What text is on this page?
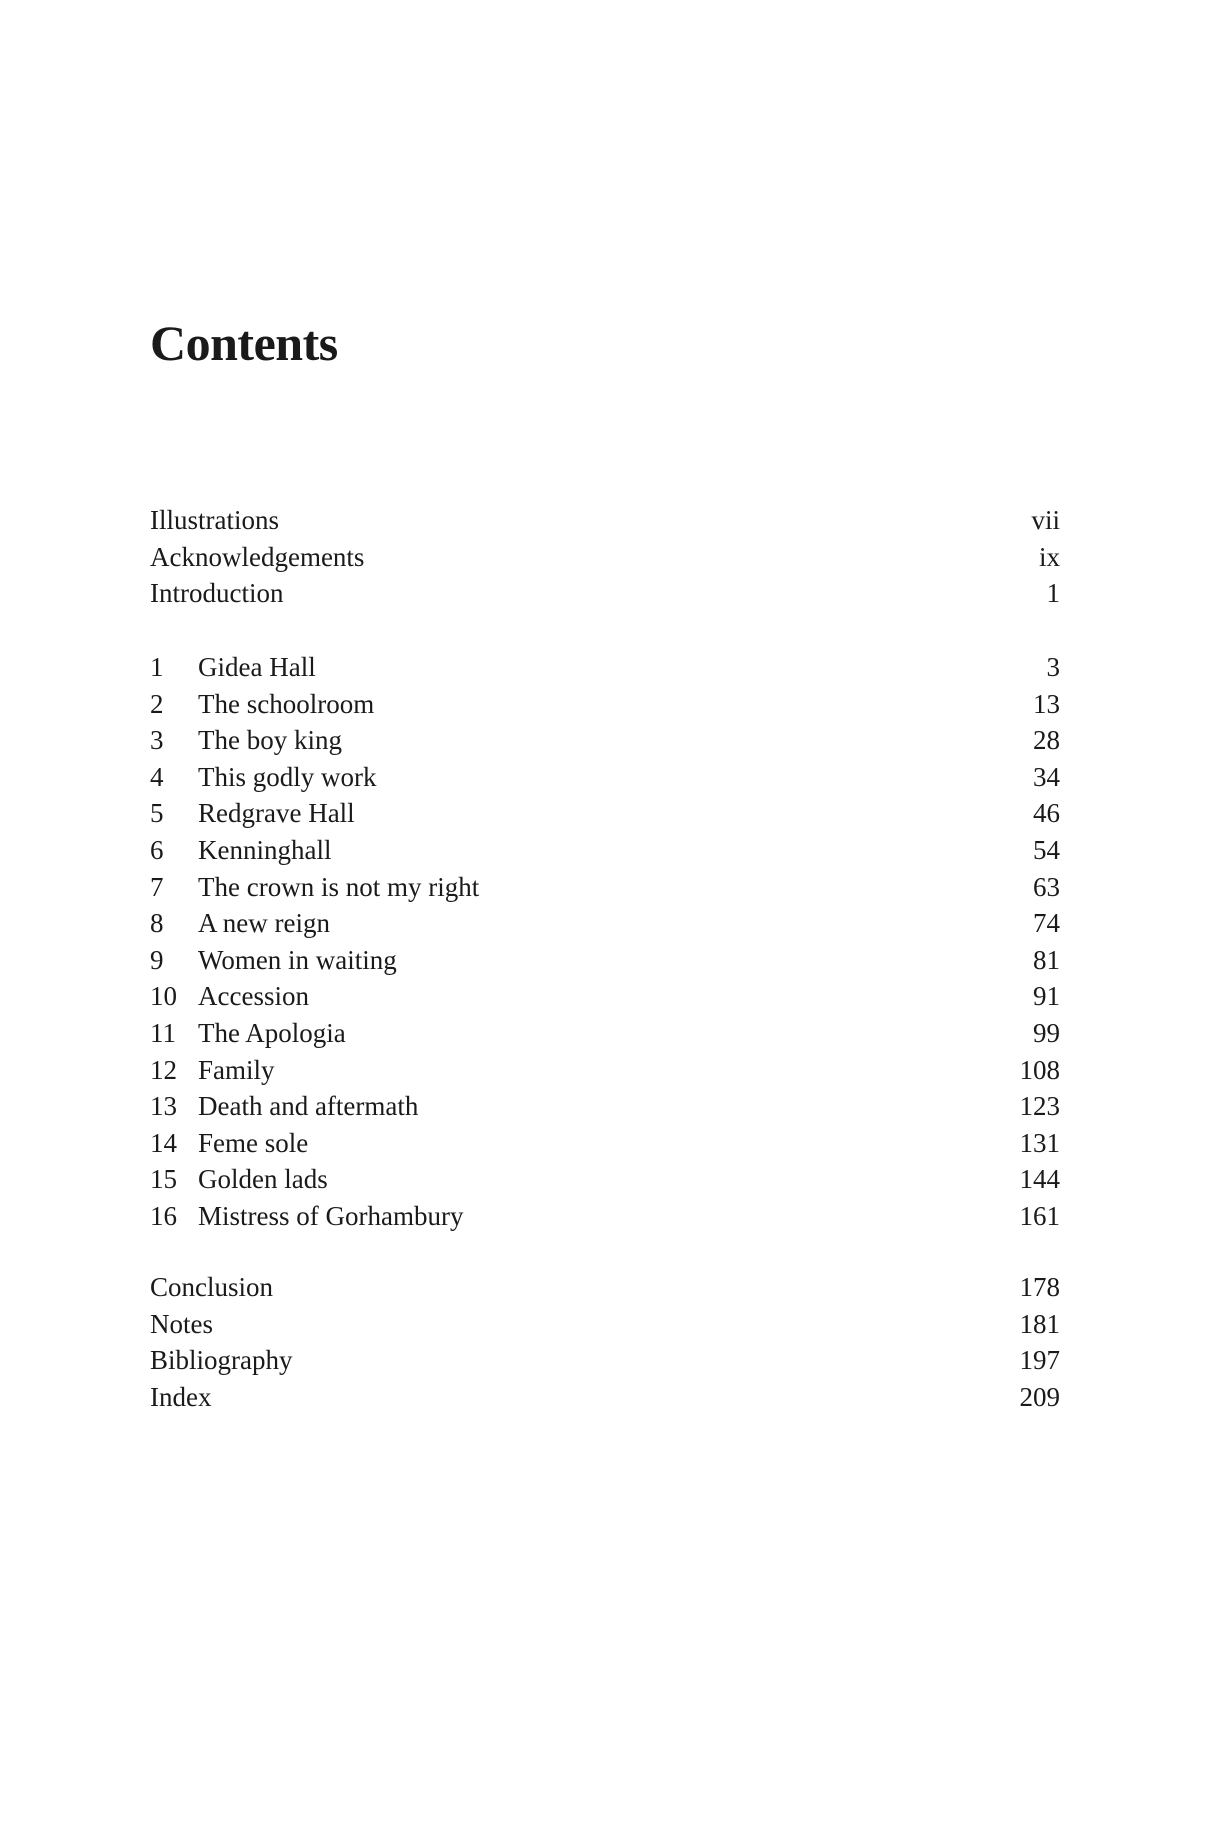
Contents
Illustrations	vii
Acknowledgements	ix
Introduction	1
1 Gidea Hall	3
2 The schoolroom	13
3 The boy king	28
4 This godly work	34
5 Redgrave Hall	46
6 Kenninghall	54
7 The crown is not my right	63
8 A new reign	74
9 Women in waiting	81
10 Accession	91
11 The Apologia	99
12 Family	108
13 Death and aftermath	123
14 Feme sole	131
15 Golden lads	144
16 Mistress of Gorhambury	161
Conclusion	178
Notes	181
Bibliography	197
Index	209
